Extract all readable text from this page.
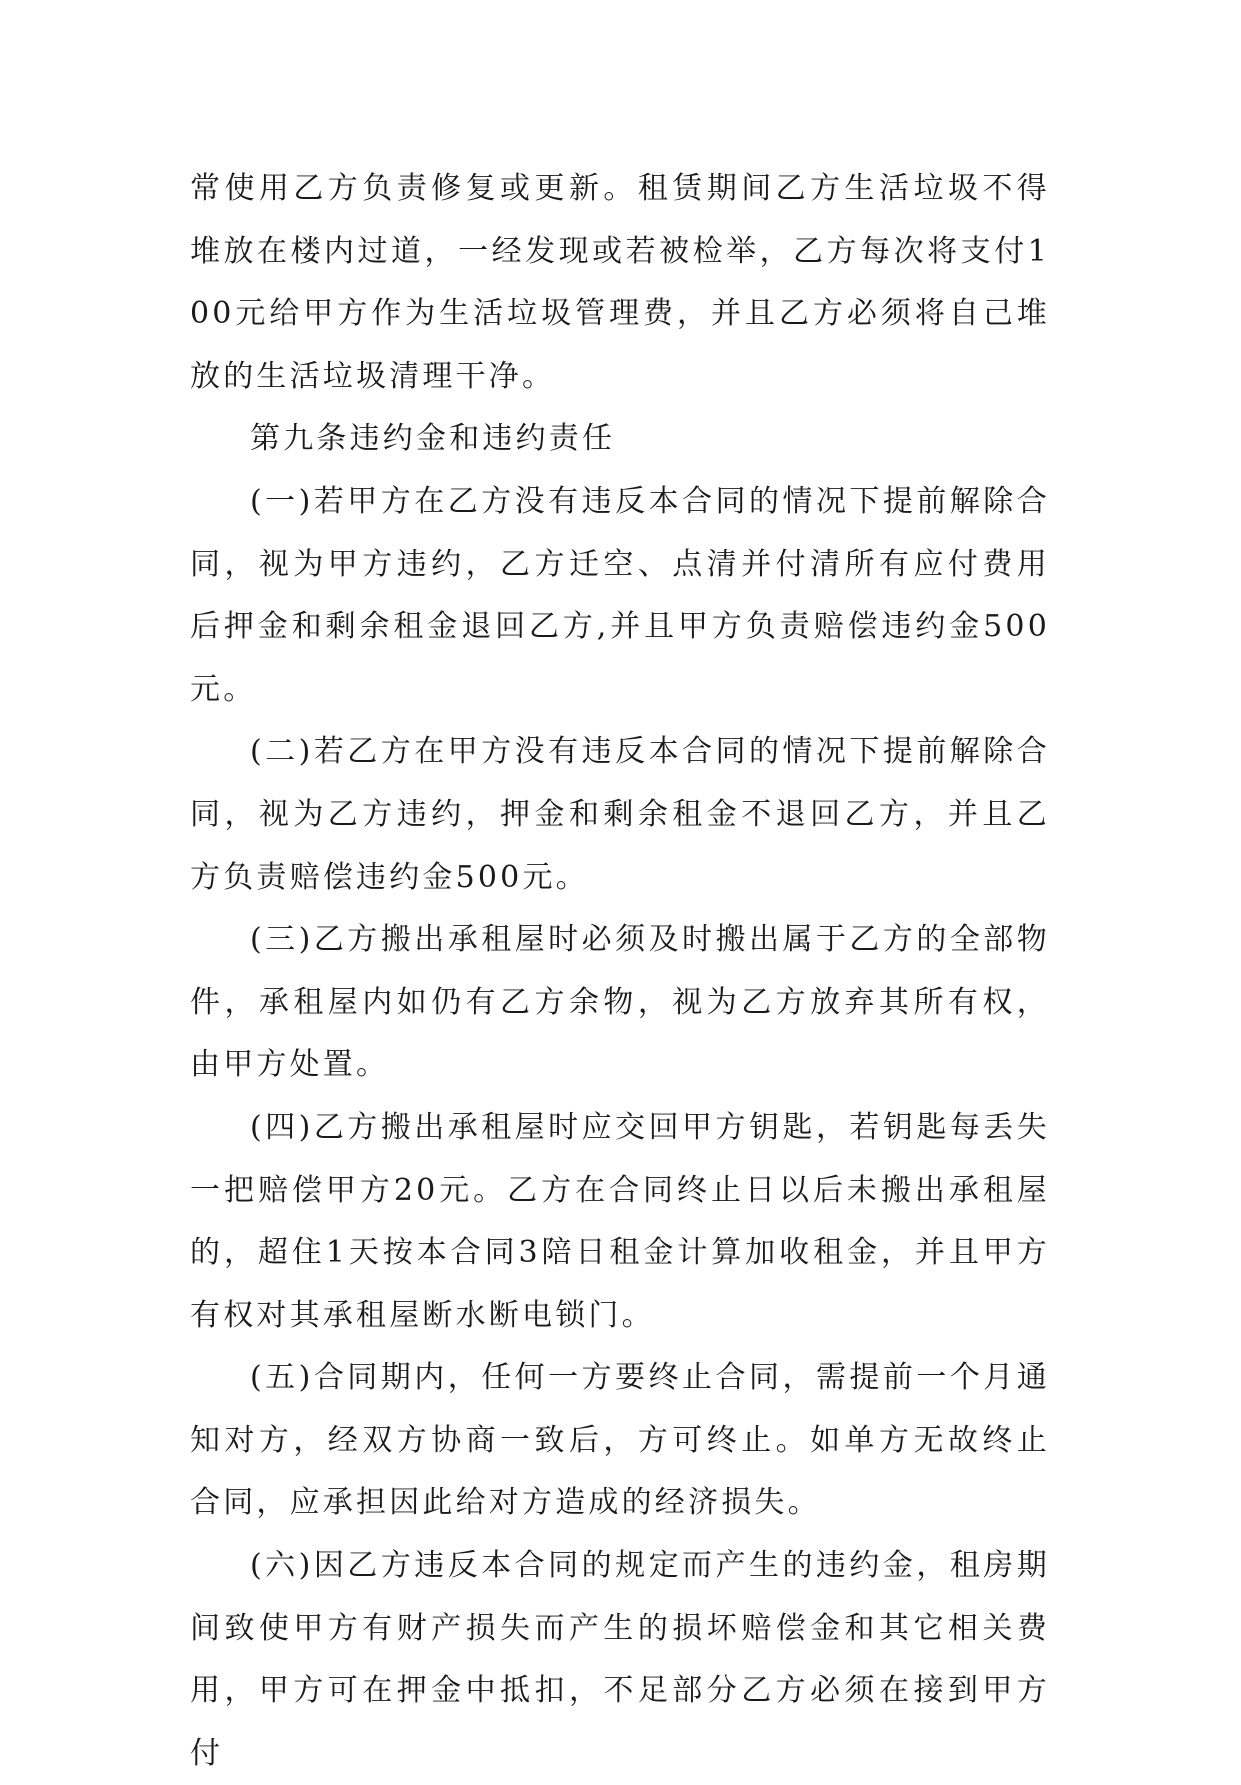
常使用乙方负责修复或更新。租赁期间乙方生活垃圾不得堆放在楼内过道，一经发现或若被检举，乙方每次将支付100元给甲方作为生活垃圾管理费，并且乙方必须将自己堆放的生活垃圾清理干净。

第九条违约金和违约责任

(一)若甲方在乙方没有违反本合同的情况下提前解除合同，视为甲方违约，乙方迁空、点清并付清所有应付费用后押金和剩余租金退回乙方,并且甲方负责赔偿违约金500元。

(二)若乙方在甲方没有违反本合同的情况下提前解除合同，视为乙方违约，押金和剩余租金不退回乙方，并且乙方负责赔偿违约金500元。

(三)乙方搬出承租屋时必须及时搬出属于乙方的全部物件，承租屋内如仍有乙方余物，视为乙方放弃其所有权，由甲方处置。

(四)乙方搬出承租屋时应交回甲方钥匙，若钥匙每丢失一把赔偿甲方20元。乙方在合同终止日以后未搬出承租屋的，超住1天按本合同3陪日租金计算加收租金，并且甲方有权对其承租屋断水断电锁门。

(五)合同期内，任何一方要终止合同，需提前一个月通知对方，经双方协商一致后，方可终止。如单方无故终止合同，应承担因此给对方造成的经济损失。

(六)因乙方违反本合同的规定而产生的违约金，租房期间致使甲方有财产损失而产生的损坏赔偿金和其它相关费用，甲方可在押金中抵扣，不足部分乙方必须在接到甲方付
